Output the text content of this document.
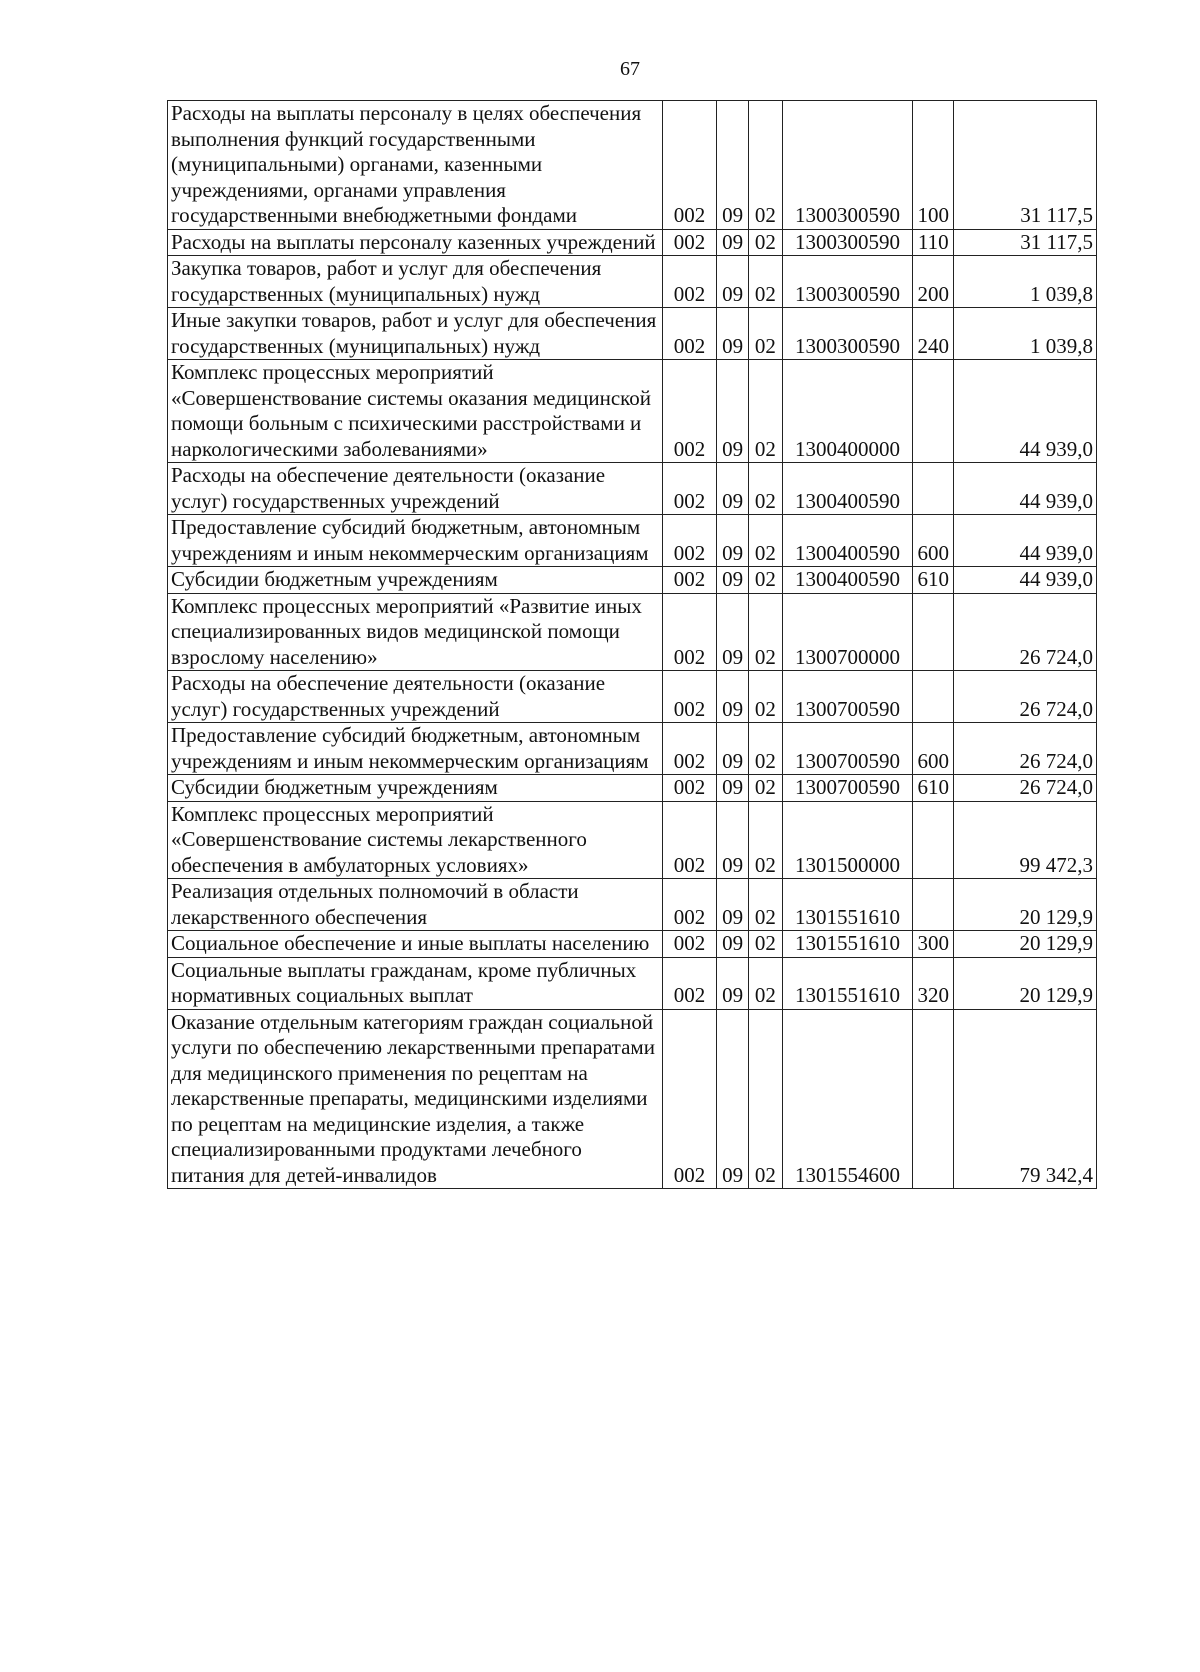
67
Расходы на выплаты персоналу в целях обеспечения выполнения функций государственными (муниципальными) органами, казенными учреждениями, органами управления государственными внебюджетными фондами	002	09	02	1300300590	100	31 117,5
Расходы на выплаты персоналу казенных учреждений	002	09	02	1300300590	110	31 117,5
Закупка товаров, работ и услуг для обеспечения государственных (муниципальных) нужд	002	09	02	1300300590	200	1 039,8
Иные закупки товаров, работ и услуг для обеспечения государственных (муниципальных) нужд	002	09	02	1300300590	240	1 039,8
Комплекс процессных мероприятий «Совершенствование системы оказания медицинской помощи больным с психическими расстройствами и наркологическими заболеваниями»	002	09	02	1300400000		44 939,0
Расходы на обеспечение деятельности (оказание услуг) государственных учреждений	002	09	02	1300400590		44 939,0
Предоставление субсидий бюджетным, автономным учреждениям и иным некоммерческим организациям	002	09	02	1300400590	600	44 939,0
Субсидии бюджетным учреждениям	002	09	02	1300400590	610	44 939,0
Комплекс процессных мероприятий «Развитие иных специализированных видов медицинской помощи взрослому населению»	002	09	02	1300700000		26 724,0
Расходы на обеспечение деятельности (оказание услуг) государственных учреждений	002	09	02	1300700590		26 724,0
Предоставление субсидий бюджетным, автономным учреждениям и иным некоммерческим организациям	002	09	02	1300700590	600	26 724,0
Субсидии бюджетным учреждениям	002	09	02	1300700590	610	26 724,0
Комплекс процессных мероприятий «Совершенствование системы лекарственного обеспечения в амбулаторных условиях»	002	09	02	1301500000		99 472,3
Реализация отдельных полномочий в области лекарственного обеспечения	002	09	02	1301551610		20 129,9
Социальное обеспечение и иные выплаты населению	002	09	02	1301551610	300	20 129,9
Социальные выплаты гражданам, кроме публичных нормативных социальных выплат	002	09	02	1301551610	320	20 129,9
Оказание отдельным категориям граждан социальной услуги по обеспечению лекарственными препаратами для медицинского применения по рецептам на лекарственные препараты, медицинскими изделиями по рецептам на медицинские изделия, а также специализированными продуктами лечебного питания для детей-инвалидов	002	09	02	1301554600		79 342,4
